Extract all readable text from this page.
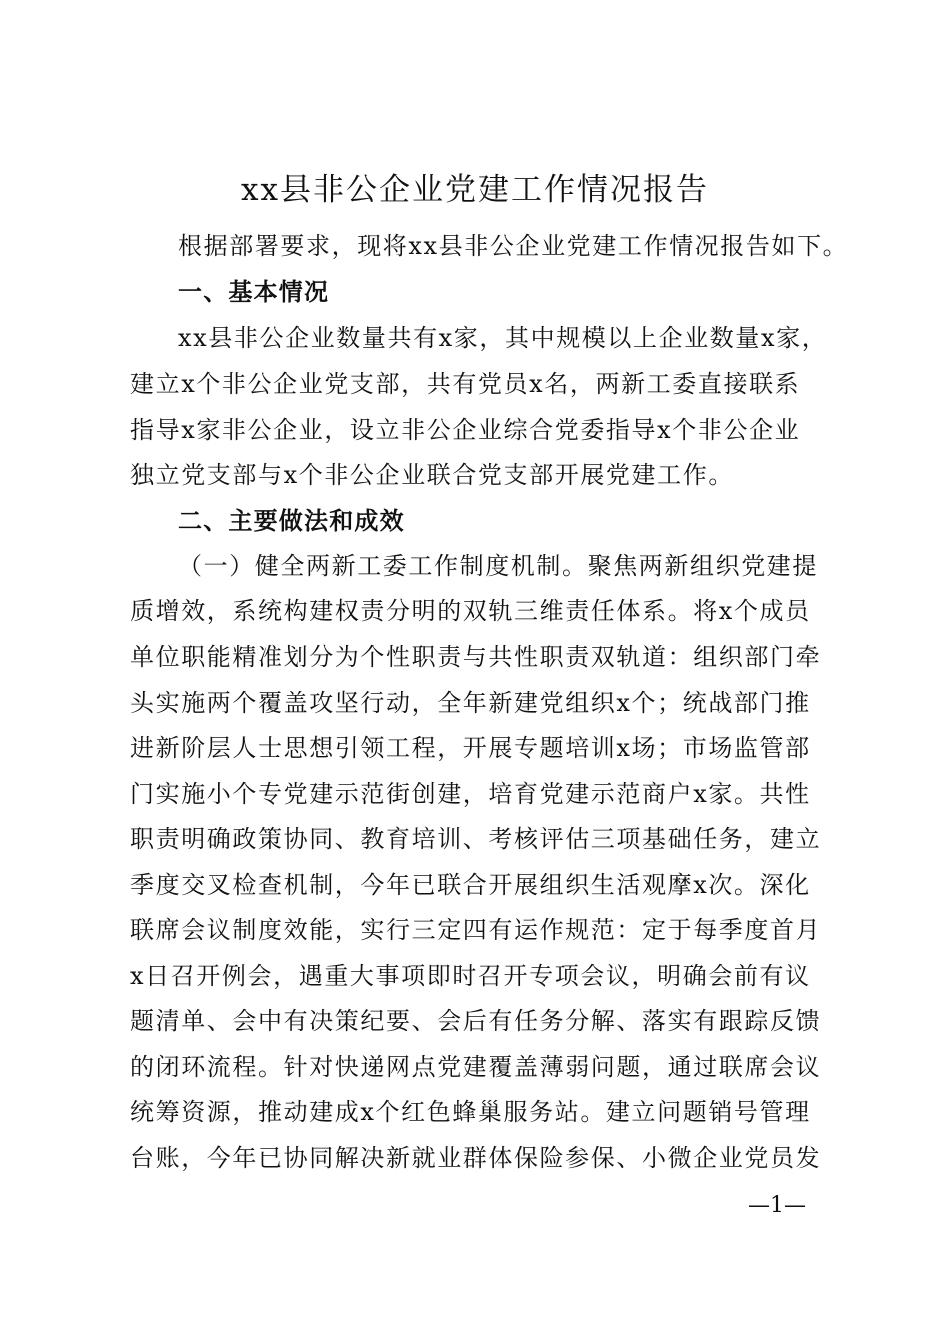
xx县非公企业党建工作情况报告
根据部署要求，现将xx县非公企业党建工作情况报告如下。
一、基本情况
xx县非公企业数量共有x家，其中规模以上企业数量x家，
建立x个非公企业党支部，共有党员x名，两新工委直接联系
指导x家非公企业，设立非公企业综合党委指导x个非公企业
独立党支部与x个非公企业联合党支部开展党建工作。
二、主要做法和成效
（一）健全两新工委工作制度机制。聚焦两新组织党建提
质增效，系统构建权责分明的双轨三维责任体系。将x个成员
单位职能精准划分为个性职责与共性职责双轨道：组织部门牵
头实施两个覆盖攻坚行动，全年新建党组织x个；统战部门推
进新阶层人士思想引领工程，开展专题培训x场；市场监管部
门实施小个专党建示范街创建，培育党建示范商户x家。共性
职责明确政策协同、教育培训、考核评估三项基础任务，建立
季度交叉检查机制，今年已联合开展组织生活观摩x次。深化
联席会议制度效能，实行三定四有运作规范：定于每季度首月
x日召开例会，遇重大事项即时召开专项会议，明确会前有议
题清单、会中有决策纪要、会后有任务分解、落实有跟踪反馈
的闭环流程。针对快递网点党建覆盖薄弱问题，通过联席会议
统筹资源，推动建成x个红色蜂巢服务站。建立问题销号管理
台账，今年已协同解决新就业群体保险参保、小微企业党员发
—1—
